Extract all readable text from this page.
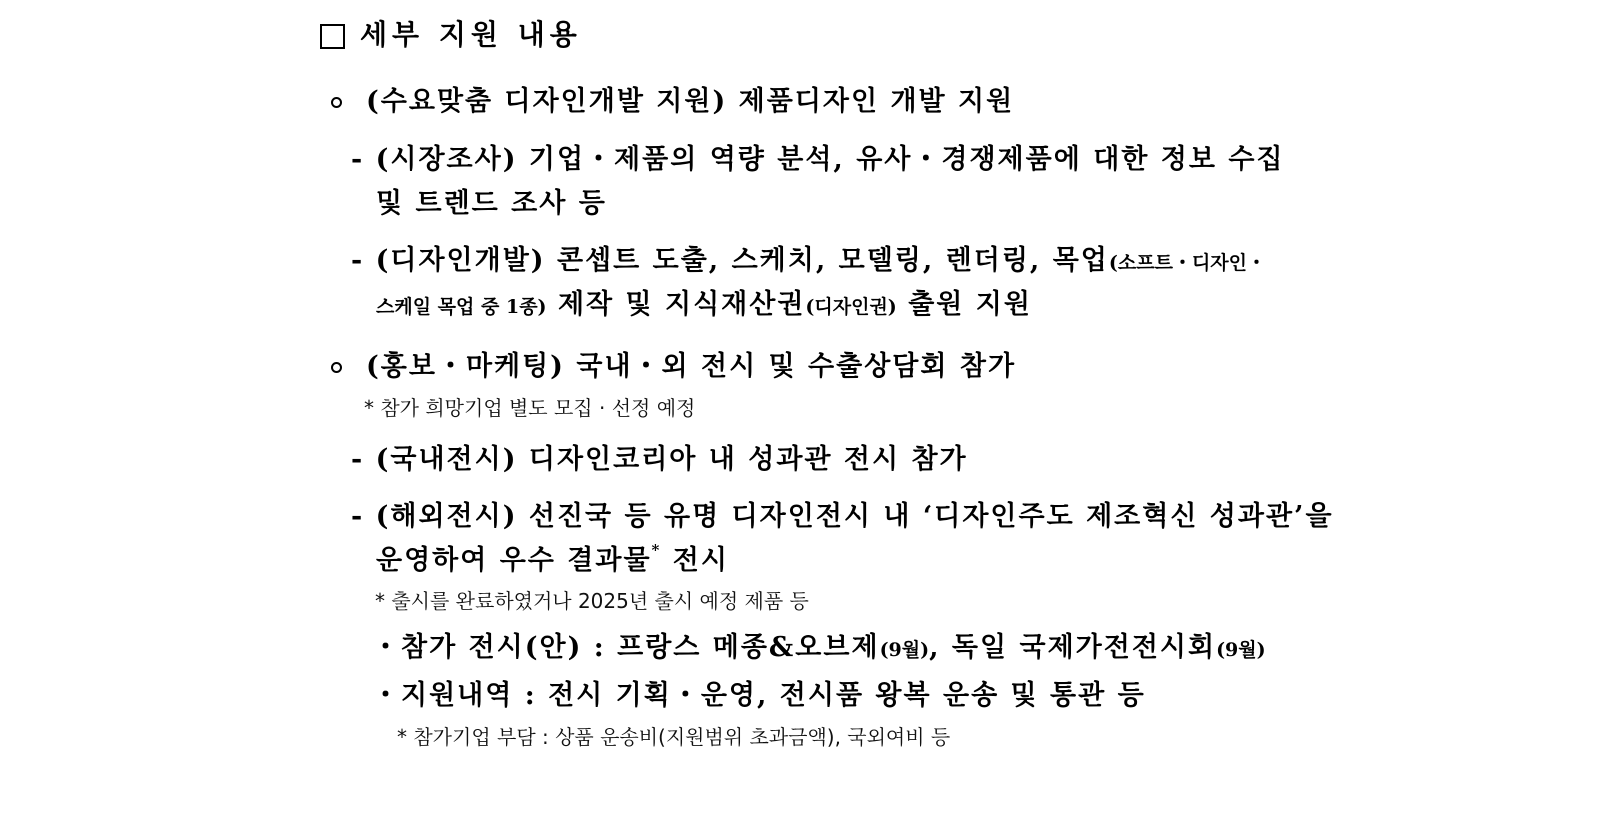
세부 지원 내용
(수요맞춤 디자인개발 지원) 제품디자인 개발 지원
- (시장조사) 기업・제품의 역량 분석, 유사・경쟁제품에 대한 정보 수집
및 트렌드 조사 등
- (디자인개발) 콘셉트 도출, 스케치, 모델링, 렌더링, 목업(소프트・디자인・
스케일 목업 중 1종) 제작 및 지식재산권(디자인권) 출원 지원
(홍보・마케팅) 국내・외 전시 및 수출상담회 참가
* 참가 희망기업 별도 모집 · 선정 예정
- (국내전시) 디자인코리아 내 성과관 전시 참가
- (해외전시) 선진국 등 유명 디자인전시 내 ‘디자인주도 제조혁신 성과관’을
운영하여 우수 결과물* 전시
* 출시를 완료하였거나 2025년 출시 예정 제품 등
・참가 전시(안) : 프랑스 메종&오브제(9월), 독일 국제가전전시회(9월)
・지원내역 : 전시 기획・운영, 전시품 왕복 운송 및 통관 등
* 참가기업 부담 : 상품 운송비(지원범위 초과금액), 국외여비 등
